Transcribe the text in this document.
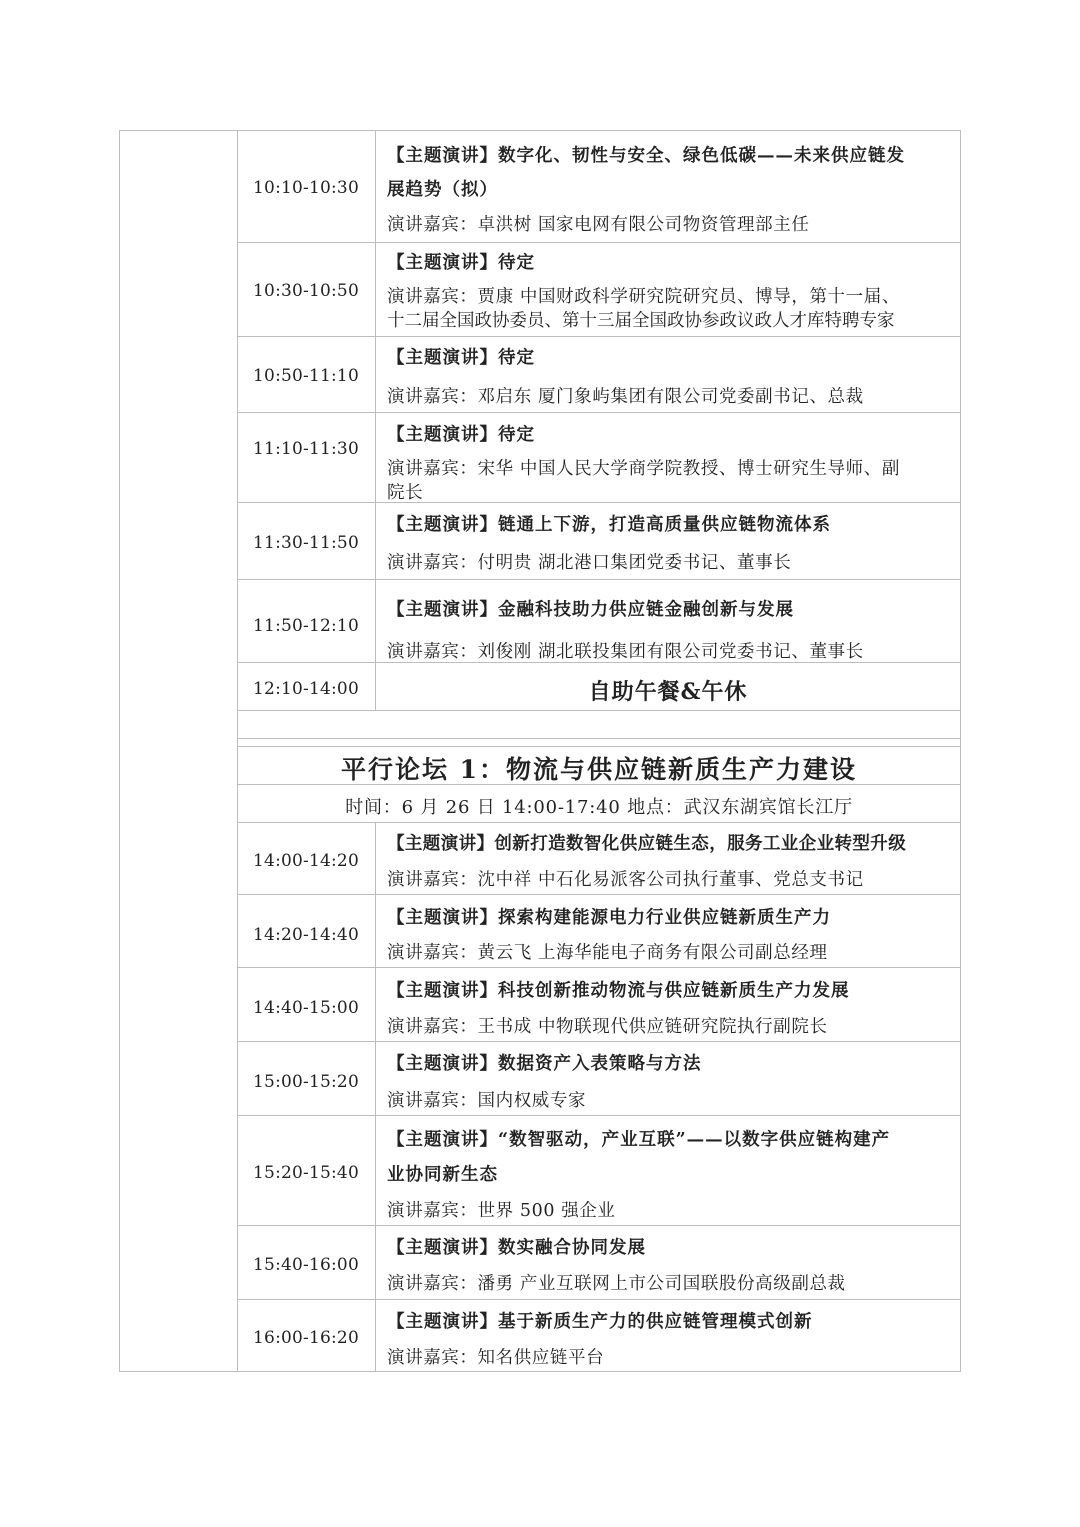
10:10-10:30
【主题演讲】数字化、韧性与安全、绿色低碳——未来供应链发
展趋势（拟）
演讲嘉宾：卓洪树 国家电网有限公司物资管理部主任
10:30-10:50
【主题演讲】待定
演讲嘉宾：贾康 中国财政科学研究院研究员、博导，第十一届、
十二届全国政协委员、第十三届全国政协参政议政人才库特聘专家
10:50-11:10
【主题演讲】待定
演讲嘉宾：邓启东 厦门象屿集团有限公司党委副书记、总裁
11:10-11:30
【主题演讲】待定
演讲嘉宾：宋华 中国人民大学商学院教授、博士研究生导师、副
院长
11:30-11:50
【主题演讲】链通上下游，打造高质量供应链物流体系
演讲嘉宾：付明贵 湖北港口集团党委书记、董事长
11:50-12:10
【主题演讲】金融科技助力供应链金融创新与发展
演讲嘉宾：刘俊刚 湖北联投集团有限公司党委书记、董事长
12:10-14:00	自助午餐&午休
平行论坛 1：物流与供应链新质生产力建设
时间：6 月 26 日 14:00-17:40 地点：武汉东湖宾馆长江厅
14:00-14:20
【主题演讲】创新打造数智化供应链生态，服务工业企业转型升级
演讲嘉宾：沈中祥 中石化易派客公司执行董事、党总支书记
14:20-14:40
【主题演讲】探索构建能源电力行业供应链新质生产力
演讲嘉宾：黄云飞 上海华能电子商务有限公司副总经理
14:40-15:00
【主题演讲】科技创新推动物流与供应链新质生产力发展
演讲嘉宾：王书成 中物联现代供应链研究院执行副院长
15:00-15:20
【主题演讲】数据资产入表策略与方法
演讲嘉宾：国内权威专家
15:20-15:40
【主题演讲】“数智驱动，产业互联”——以数字供应链构建产
业协同新生态
演讲嘉宾：世界 500 强企业
15:40-16:00
【主题演讲】数实融合协同发展
演讲嘉宾：潘勇 产业互联网上市公司国联股份高级副总裁
16:00-16:20
【主题演讲】基于新质生产力的供应链管理模式创新
演讲嘉宾：知名供应链平台
